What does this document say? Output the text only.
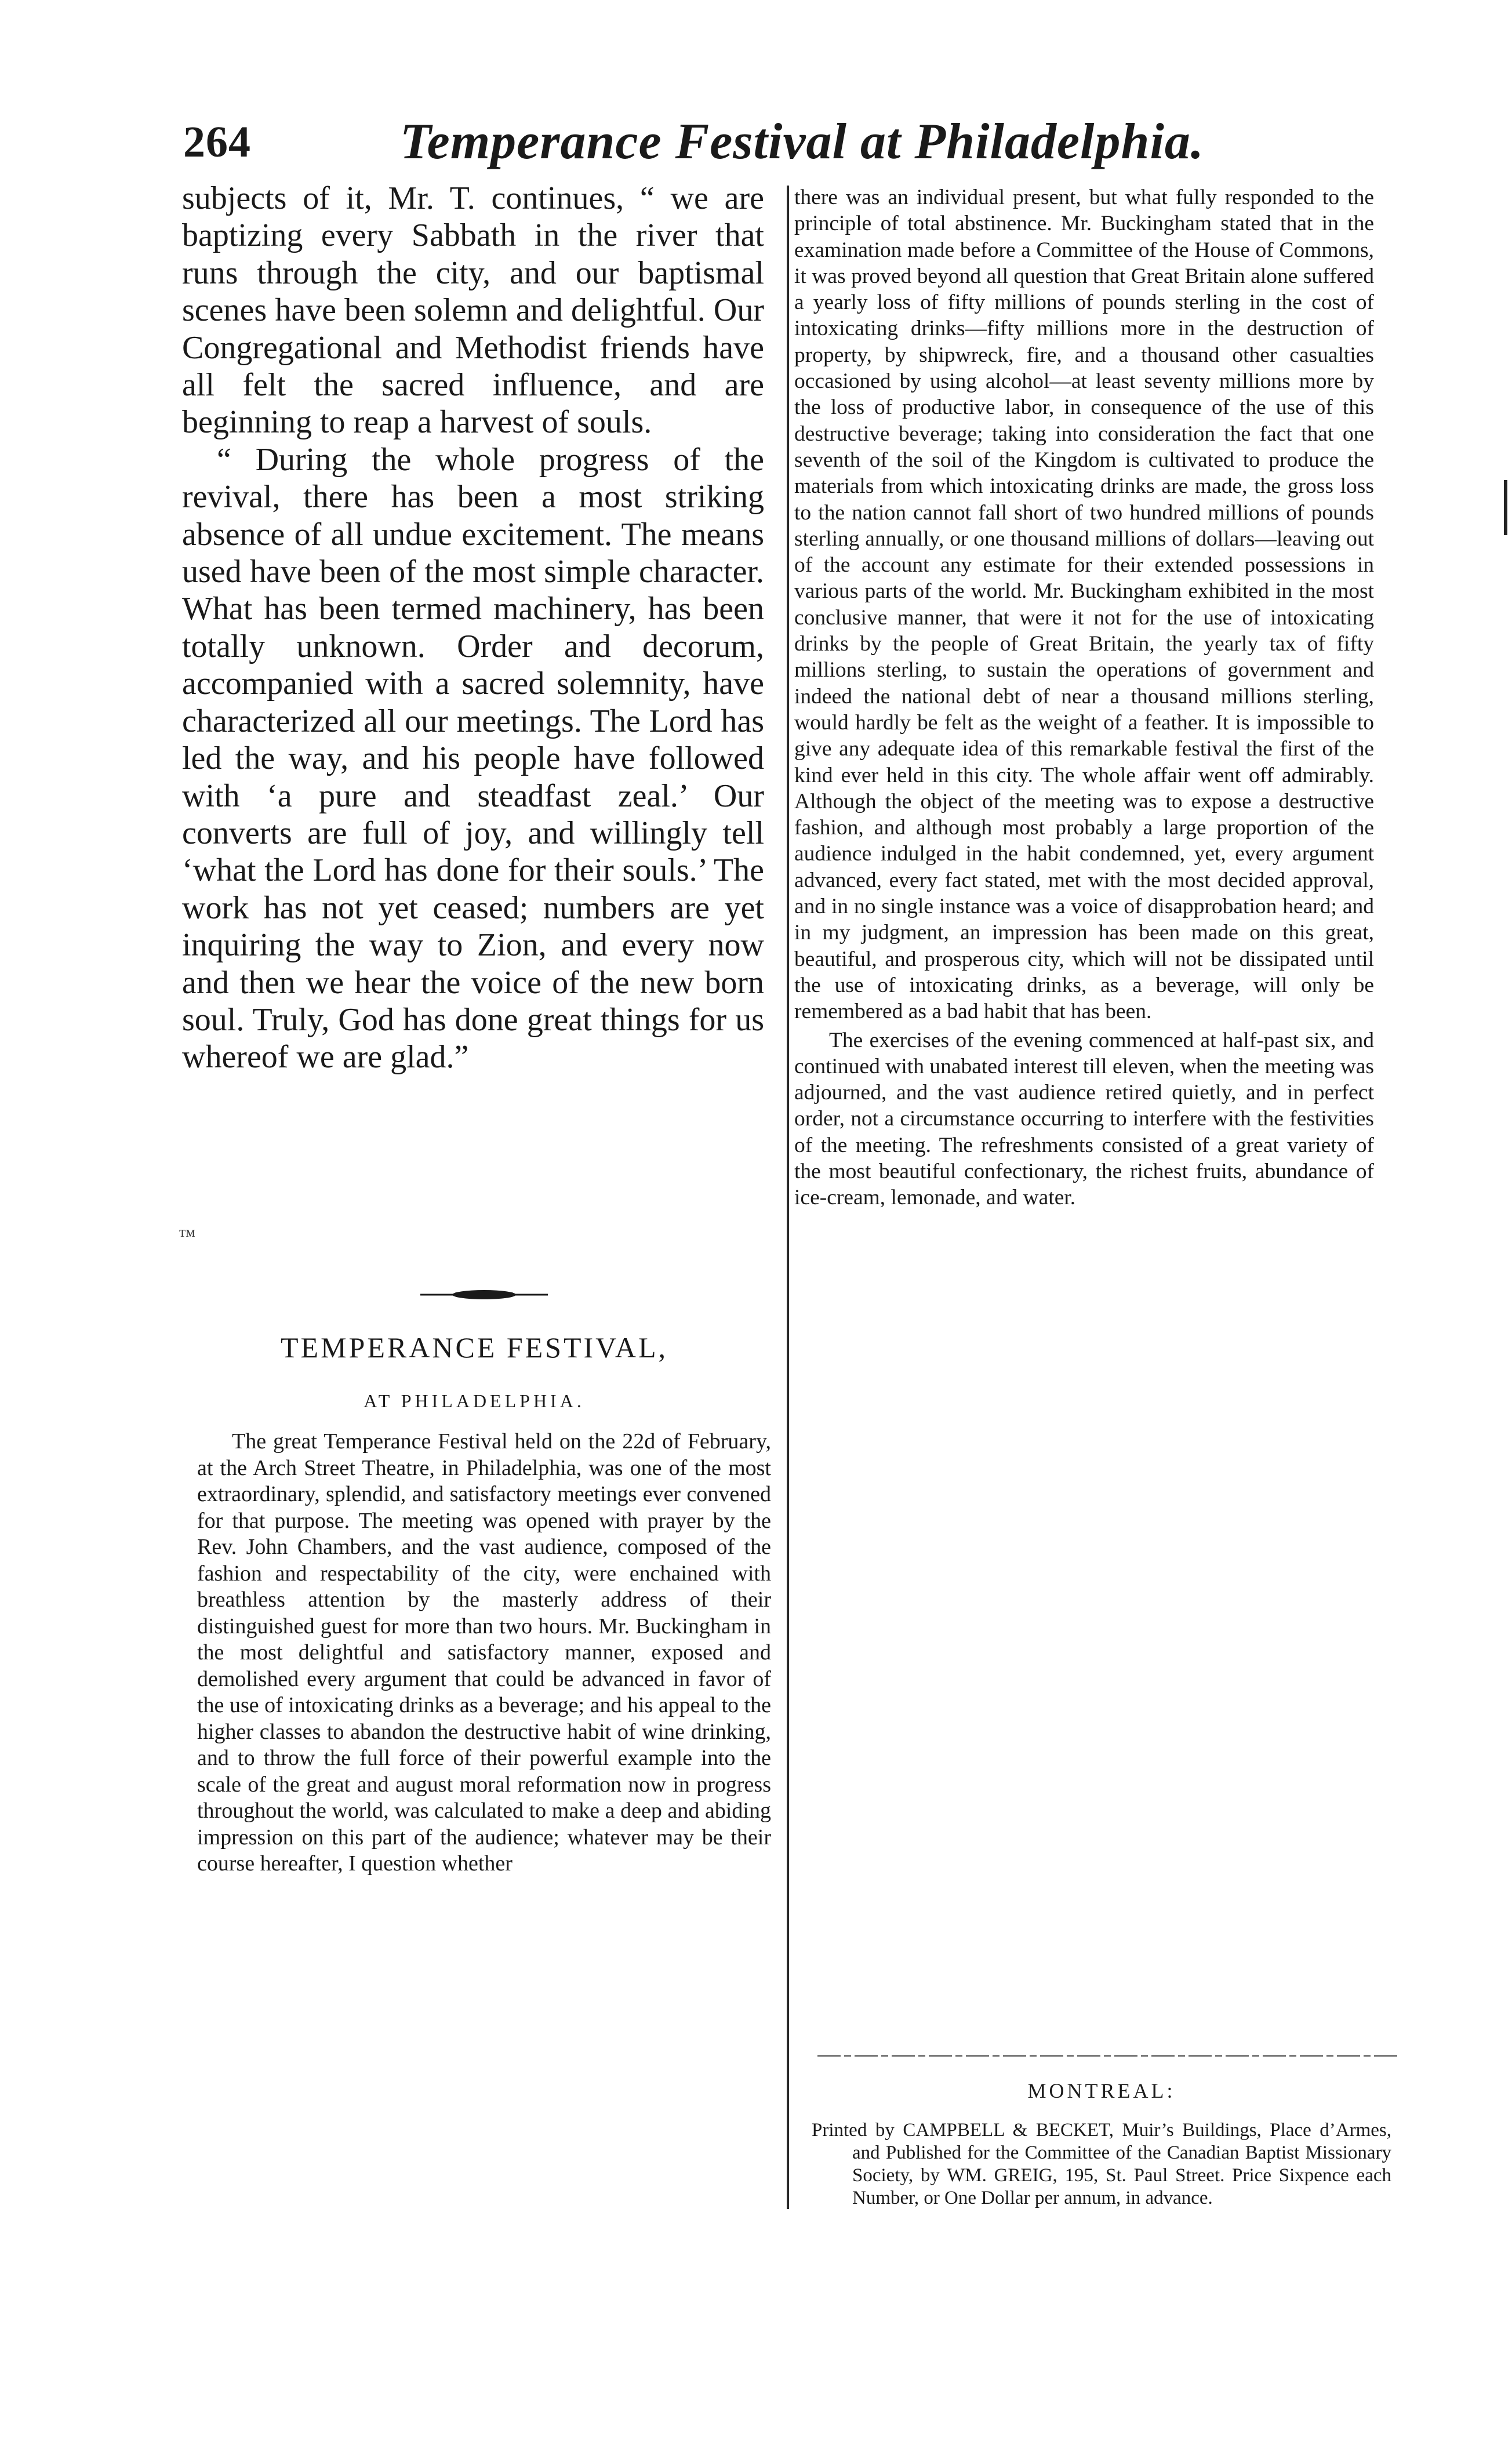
264	Temperance Festival at Philadelphia.
™

subjects of it, Mr. T. continues, “ we are baptizing every Sabbath in the river that runs through the city, and our baptismal scenes have been solemn and delightful. Our Congregational and Methodist friends have all felt the sacred influence, and are beginning to reap a harvest of souls.

“ During the whole progress of the revival, there has been a most striking absence of all undue excitement. The means used have been of the most simple character. What has been termed machinery, has been totally unknown. Order and decorum, accompanied with a sacred solemnity, have characterized all our meetings. The Lord has led the way, and his people have followed with ‘a pure and steadfast zeal.’ Our converts are full of joy, and willingly tell ‘what the Lord has done for their souls.’ The work has not yet ceased; numbers are yet inquiring the way to Zion, and every now and then we hear the voice of the new born soul. Truly, God has done great things for us whereof we are glad.”

TEMPERANCE FESTIVAL,
AT PHILADELPHIA.

The great Temperance Festival held on the 22d of February, at the Arch Street Theatre, in Philadelphia, was one of the most extraordinary, splendid, and satisfactory meetings ever convened for that purpose. The meeting was opened with prayer by the Rev. John Chambers, and the vast audience, composed of the fashion and respectability of the city, were enchained with breathless attention by the masterly address of their distinguished guest for more than two hours. Mr. Buckingham in the most delightful and satisfactory manner, exposed and demolished every argument that could be advanced in favor of the use of intoxicating drinks as a beverage; and his appeal to the higher classes to abandon the destructive habit of wine drinking, and to throw the full force of their powerful example into the scale of the great and august moral reformation now in progress throughout the world, was calculated to make a deep and abiding impression on this part of the audience; whatever may be their course hereafter, I question whether

there was an individual present, but what fully responded to the principle of total abstinence. Mr. Buckingham stated that in the examination made before a Committee of the House of Commons, it was proved beyond all question that Great Britain alone suffered a yearly loss of fifty millions of pounds sterling in the cost of intoxicating drinks—fifty millions more in the destruction of property, by shipwreck, fire, and a thousand other casualties occasioned by using alcohol—at least seventy millions more by the loss of productive labor, in consequence of the use of this destructive beverage; taking into consideration the fact that one seventh of the soil of the Kingdom is cultivated to produce the materials from which intoxicating drinks are made, the gross loss to the nation cannot fall short of two hundred millions of pounds sterling annually, or one thousand millions of dollars—leaving out of the account any estimate for their extended possessions in various parts of the world. Mr. Buckingham exhibited in the most conclusive manner, that were it not for the use of intoxicating drinks by the people of Great Britain, the yearly tax of fifty millions sterling, to sustain the operations of government and indeed the national debt of near a thousand millions sterling, would hardly be felt as the weight of a feather. It is impossible to give any adequate idea of this remarkable festival the first of the kind ever held in this city. The whole affair went off admirably. Although the object of the meeting was to expose a destructive fashion, and although most probably a large proportion of the audience indulged in the habit condemned, yet, every argument advanced, every fact stated, met with the most decided approval, and in no single instance was a voice of disapprobation heard; and in my judgment, an impression has been made on this great, beautiful, and prosperous city, which will not be dissipated until the use of intoxicating drinks, as a beverage, will only be remembered as a bad habit that has been.

The exercises of the evening commenced at half-past six, and continued with unabated interest till eleven, when the meeting was adjourned, and the vast audience retired quietly, and in perfect order, not a circumstance occurring to interfere with the festivities of the meeting. The refreshments consisted of a great variety of the most beautiful confectionary, the richest fruits, abundance of ice-cream, lemonade, and water.

MONTREAL:

Printed by CAMPBELL & BECKET, Muir’s Buildings, Place d’Armes, and Published for the Committee of the Canadian Baptist Missionary Society, by WM. GREIG, 195, St. Paul Street. Price Sixpence each Number, or One Dollar per annum, in advance.
